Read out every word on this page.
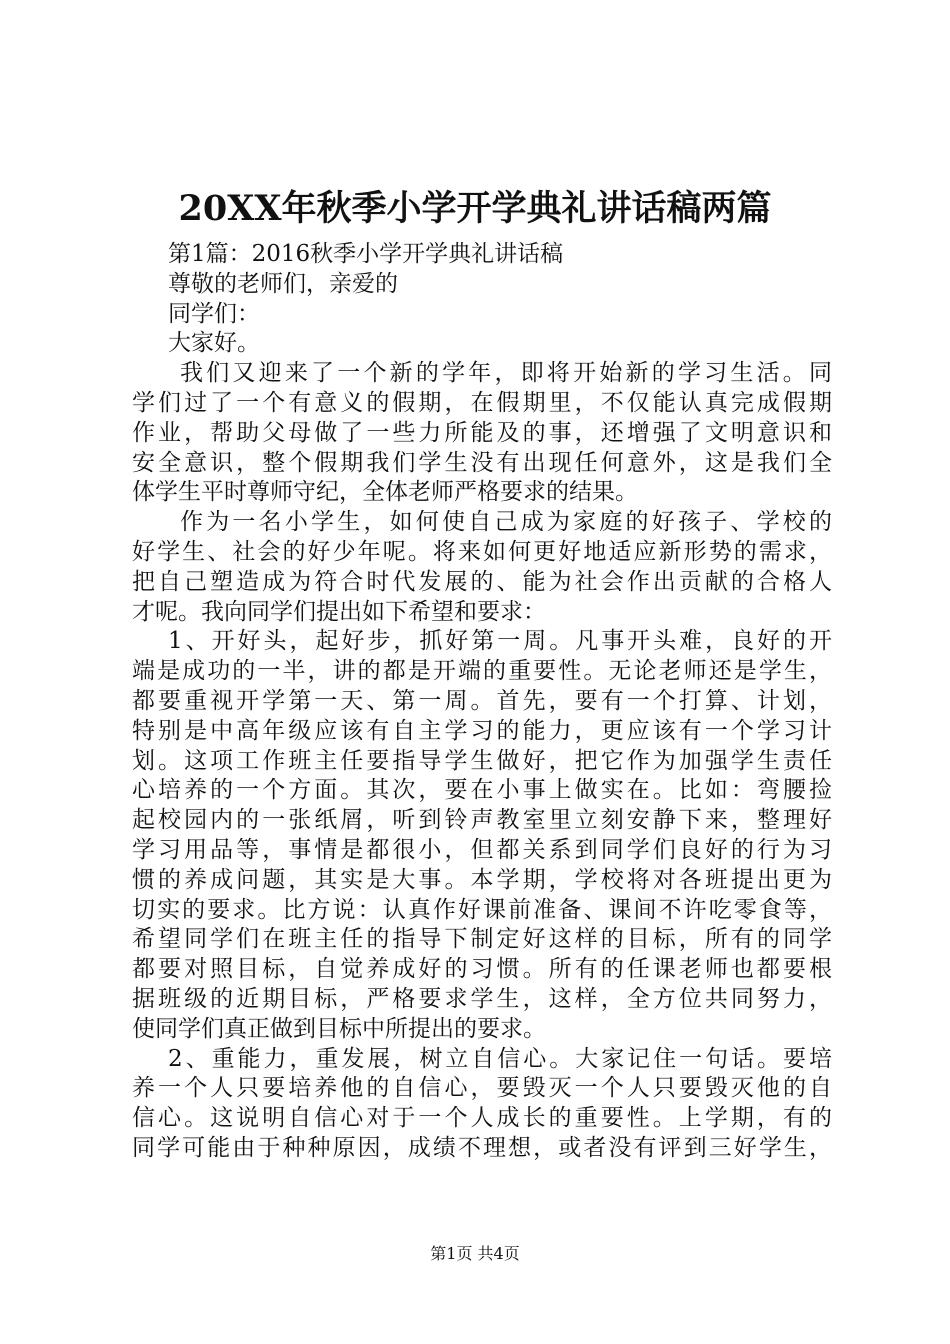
20XX年秋季小学开学典礼讲话稿两篇
第1篇：2016秋季小学开学典礼讲话稿
尊敬的老师们，亲爱的
同学们：
大家好。
我们又迎来了一个新的学年，即将开始新的学习生活。同
学们过了一个有意义的假期，在假期里，不仅能认真完成假期
作业，帮助父母做了一些力所能及的事，还增强了文明意识和
安全意识，整个假期我们学生没有出现任何意外，这是我们全
体学生平时尊师守纪，全体老师严格要求的结果。
作为一名小学生，如何使自己成为家庭的好孩子、学校的
好学生、社会的好少年呢。将来如何更好地适应新形势的需求，
把自己塑造成为符合时代发展的、能为社会作出贡献的合格人
才呢。我向同学们提出如下希望和要求：
1、开好头，起好步，抓好第一周。凡事开头难，良好的开
端是成功的一半，讲的都是开端的重要性。无论老师还是学生，
都要重视开学第一天、第一周。首先，要有一个打算、计划，
特别是中高年级应该有自主学习的能力，更应该有一个学习计
划。这项工作班主任要指导学生做好，把它作为加强学生责任
心培养的一个方面。其次，要在小事上做实在。比如：弯腰捡
起校园内的一张纸屑，听到铃声教室里立刻安静下来，整理好
学习用品等，事情是都很小，但都关系到同学们良好的行为习
惯的养成问题，其实是大事。本学期，学校将对各班提出更为
切实的要求。比方说：认真作好课前准备、课间不许吃零食等，
希望同学们在班主任的指导下制定好这样的目标，所有的同学
都要对照目标，自觉养成好的习惯。所有的任课老师也都要根
据班级的近期目标，严格要求学生，这样，全方位共同努力，
使同学们真正做到目标中所提出的要求。
2、重能力，重发展，树立自信心。大家记住一句话。要培
养一个人只要培养他的自信心，要毁灭一个人只要毁灭他的自
信心。这说明自信心对于一个人成长的重要性。上学期，有的
同学可能由于种种原因，成绩不理想，或者没有评到三好学生，
第1页 共4页
